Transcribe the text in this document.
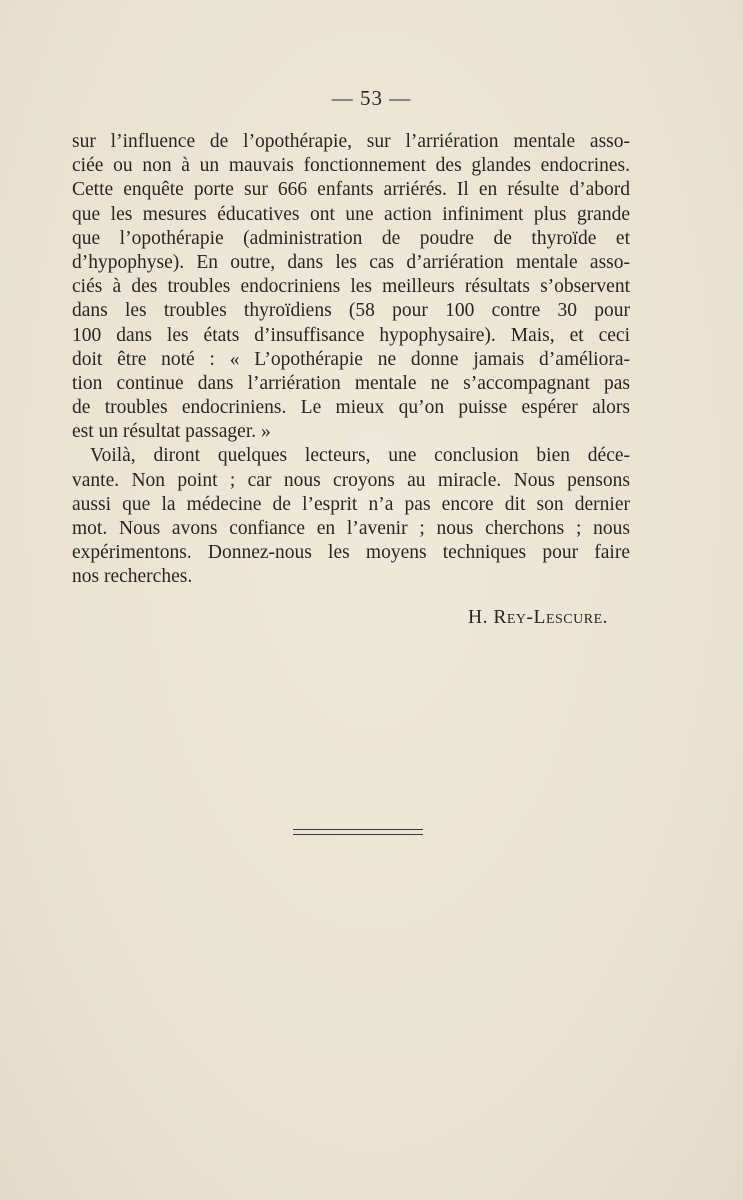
— 53 —
sur l’influence de l’opothérapie, sur l’arriération mentale asso-
ciée ou non à un mauvais fonctionnement des glandes endocrines.
Cette enquête porte sur 666 enfants arriérés. Il en résulte d’abord
que les mesures éducatives ont une action infiniment plus grande
que l’opothérapie (administration de poudre de thyroïde et
d’hypophyse). En outre, dans les cas d’arriération mentale asso-
ciés à des troubles endocriniens les meilleurs résultats s’observent
dans les troubles thyroïdiens (58 pour 100 contre 30 pour
100 dans les états d’insuffisance hypophysaire). Mais, et ceci
doit être noté : « L’opothérapie ne donne jamais d’améliora-
tion continue dans l’arriération mentale ne s’accompagnant pas
de troubles endocriniens. Le mieux qu’on puisse espérer alors
est un résultat passager. »
Voilà, diront quelques lecteurs, une conclusion bien déce-
vante. Non point ; car nous croyons au miracle. Nous pensons
aussi que la médecine de l’esprit n’a pas encore dit son dernier
mot. Nous avons confiance en l’avenir ; nous cherchons ; nous
expérimentons. Donnez-nous les moyens techniques pour faire
nos recherches.
H. Rey-Lescure.
